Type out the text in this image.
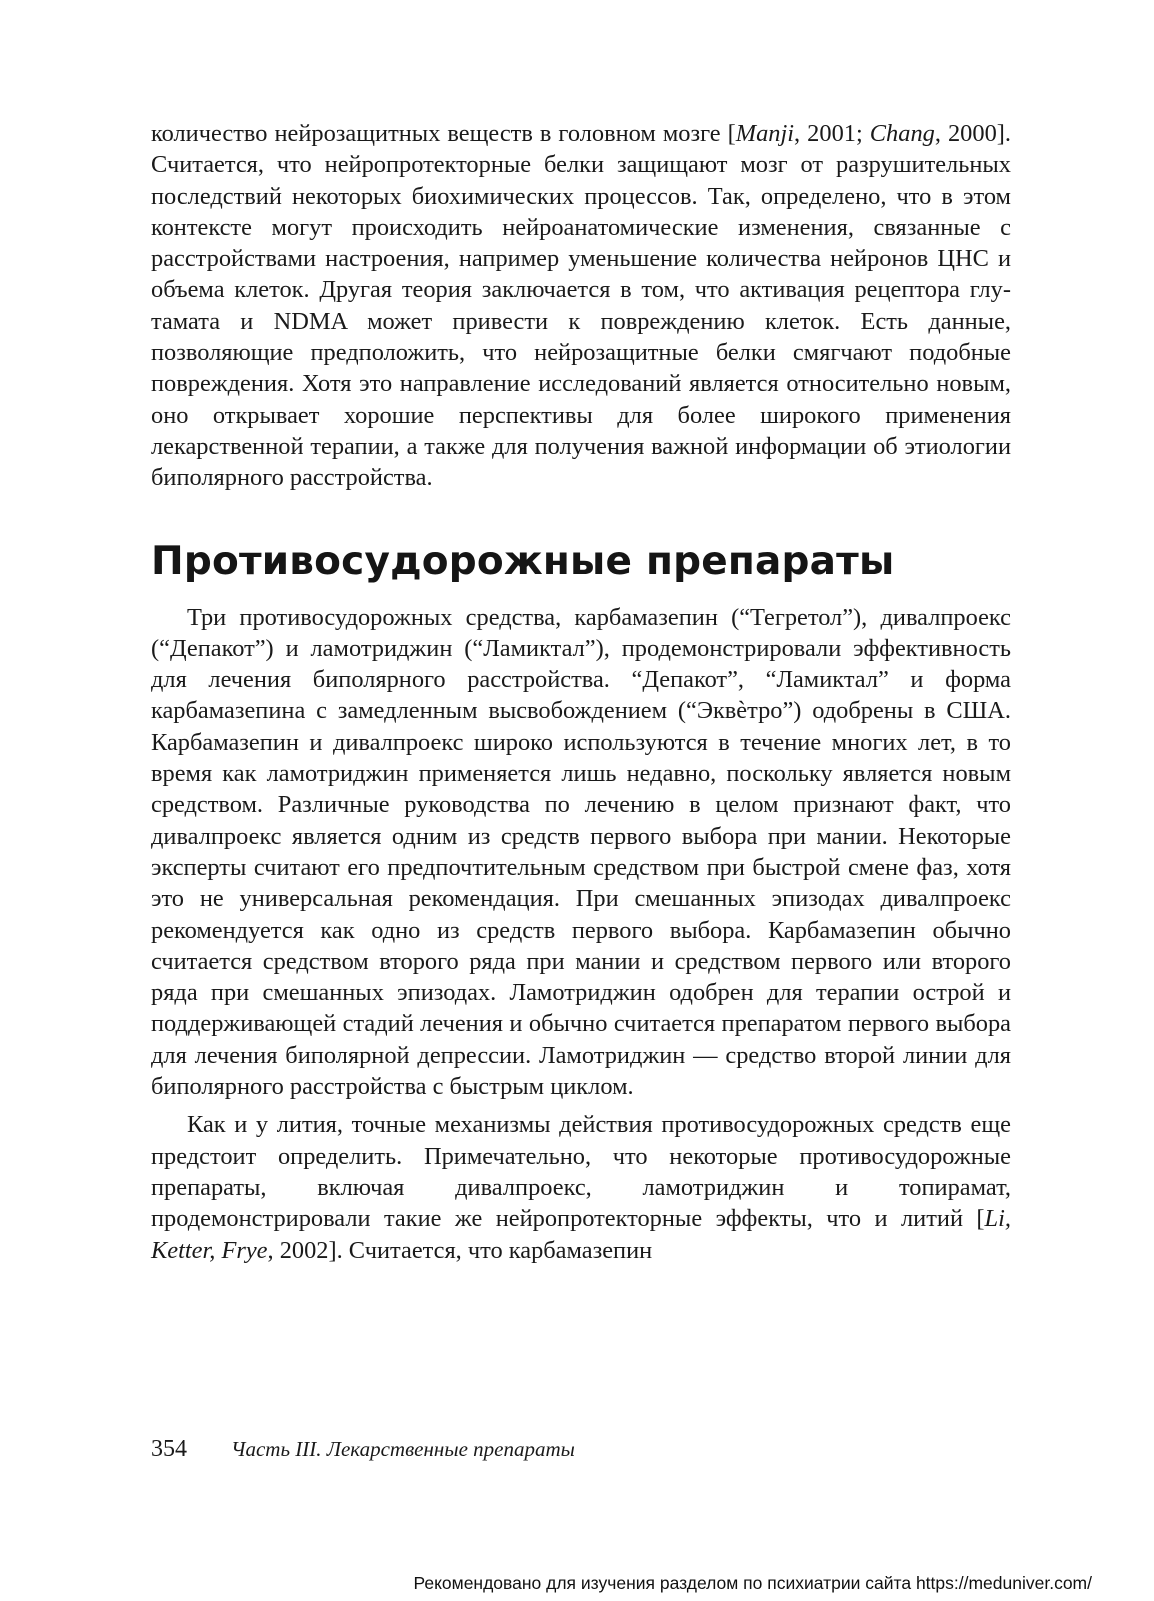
количество нейрозащитных веществ в головном мозге [Manji, 2001; Chang, 2000]. Считается, что нейропротекторные белки защищают мозг от разрушительных последствий некоторых биохимических процессов. Так, определено, что в этом контексте могут происходить нейроанатомические изменения, связанные с расстройствами настроения, например уменьшение количества нейронов ЦНС и объема клеток. Другая теория заключается в том, что активация рецептора глутамата и NDMA может привести к повреждению клеток. Есть данные, позволяющие предположить, что нейрозащитные белки смягчают подобные повреждения. Хотя это направление исследований является относительно новым, оно открывает хорошие перспективы для более широкого применения лекарственной терапии, а также для получения важной информации об этиологии биполярного расстройства.

Противосудорожные препараты

Три противосудорожных средства, карбамазепин (“Тегретол”), дивалпроекс (“Депакот”) и ламотриджин (“Ламиктал”), продемонстрировали эффективность для лечения биполярного расстройства. “Депакот”, “Ламиктал” и форма карбамазепина с замедленным высвобождением (“Эквѐтро”) одобрены в США. Карбамазепин и дивалпроекс широко используются в течение многих лет, в то время как ламотриджин применяется лишь недавно, поскольку является новым средством. Различные руководства по лечению в целом признают факт, что дивалпроекс является одним из средств первого выбора при мании. Некоторые эксперты считают его предпочтительным средством при быстрой смене фаз, хотя это не универсальная рекомендация. При смешанных эпизодах дивалпроекс рекомендуется как одно из средств первого выбора. Карбамазепин обычно считается средством второго ряда при мании и средством первого или второго ряда при смешанных эпизодах. Ламотриджин одобрен для терапии острой и поддерживающей стадий лечения и обычно считается препаратом первого выбора для лечения биполярной депрессии. Ламотриджин — средство второй линии для биполярного расстройства с быстрым циклом.

Как и у лития, точные механизмы действия противосудорожных средств еще предстоит определить. Примечательно, что некоторые противосудорожные препараты, включая дивалпроекс, ламотриджин и топирамат, продемонстрировали такие же нейропротекторные эффекты, что и литий [Li, Ketter, Frye, 2002]. Считается, что карбамазепин

354 Часть III. Лекарственные препараты
Рекомендовано для изучения разделом по психиатрии сайта https://meduniver.com/
